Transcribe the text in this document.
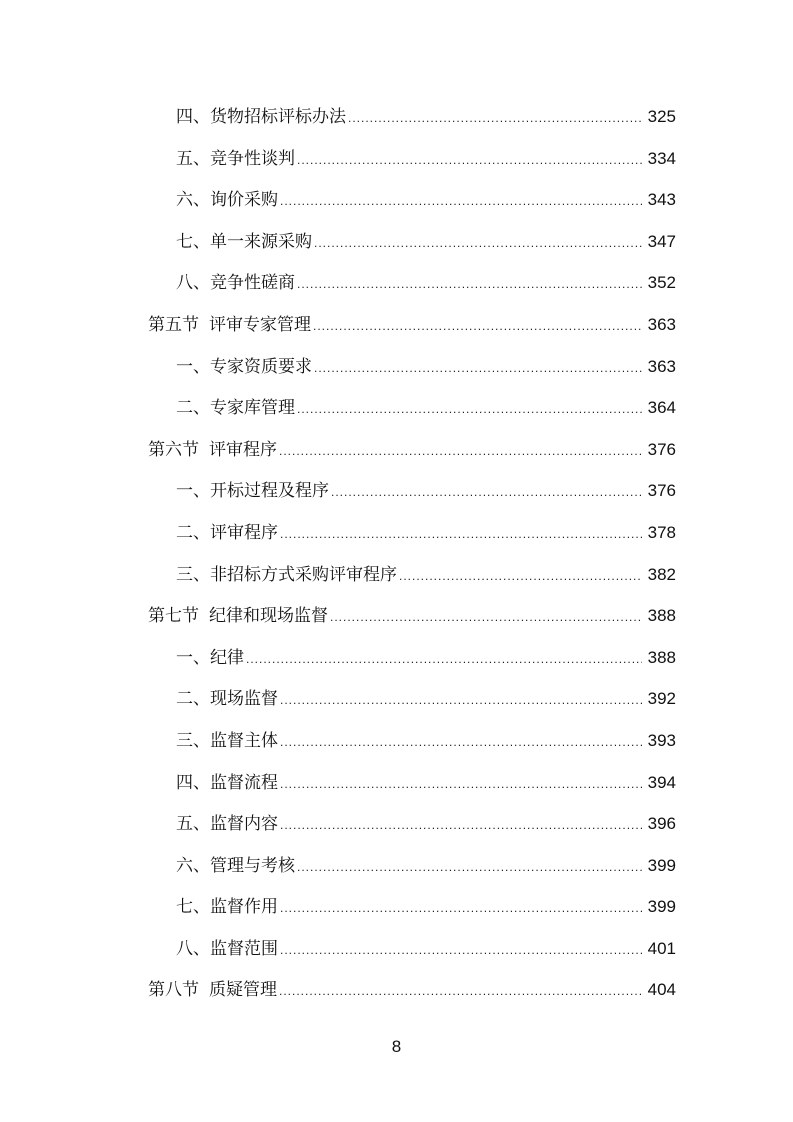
四、货物招标评标办法 .....	325
五、竞争性谈判 .....	334
六、询价采购 .....	343
七、单一来源采购 .....	347
八、竞争性磋商 .....	352
第五节 评审专家管理 .....	363
一、专家资质要求 .....	363
二、专家库管理 .....	364
第六节 评审程序 .....	376
一、开标过程及程序 .....	376
二、评审程序 .....	378
三、非招标方式采购评审程序 .....	382
第七节 纪律和现场监督 .....	388
一、纪律 .....	388
二、现场监督 .....	392
三、监督主体 .....	393
四、监督流程 .....	394
五、监督内容 .....	396
六、管理与考核 .....	399
七、监督作用 .....	399
八、监督范围 .....	401
第八节 质疑管理 .....	404
8
